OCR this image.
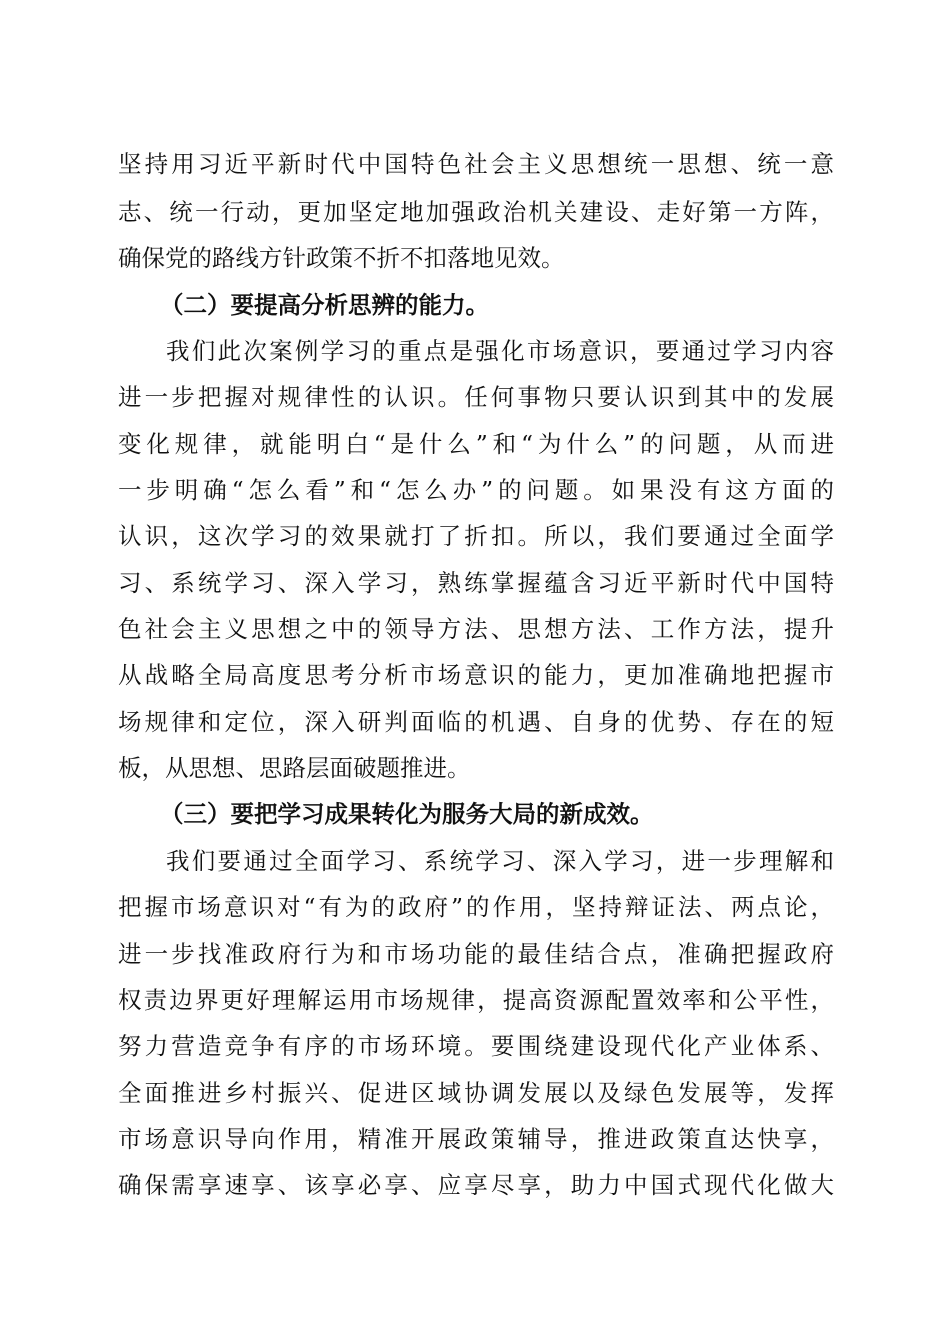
坚持用习近平新时代中国特色社会主义思想统一思想、统一意
志、统一行动，更加坚定地加强政治机关建设、走好第一方阵，
确保党的路线方针政策不折不扣落地见效。
（二）要提高分析思辨的能力。
我们此次案例学习的重点是强化市场意识，要通过学习内容
进一步把握对规律性的认识。任何事物只要认识到其中的发展
变化规律，就能明白“是什么”和“为什么”的问题，从而进
一步明确“怎么看”和“怎么办”的问题。如果没有这方面的
认识，这次学习的效果就打了折扣。所以，我们要通过全面学
习、系统学习、深入学习，熟练掌握蕴含习近平新时代中国特
色社会主义思想之中的领导方法、思想方法、工作方法，提升
从战略全局高度思考分析市场意识的能力，更加准确地把握市
场规律和定位，深入研判面临的机遇、自身的优势、存在的短
板，从思想、思路层面破题推进。
（三）要把学习成果转化为服务大局的新成效。
我们要通过全面学习、系统学习、深入学习，进一步理解和
把握市场意识对“有为的政府”的作用，坚持辩证法、两点论，
进一步找准政府行为和市场功能的最佳结合点，准确把握政府
权责边界更好理解运用市场规律，提高资源配置效率和公平性，
努力营造竞争有序的市场环境。要围绕建设现代化产业体系、
全面推进乡村振兴、促进区域协调发展以及绿色发展等，发挥
市场意识导向作用，精准开展政策辅导，推进政策直达快享，
确保需享速享、该享必享、应享尽享，助力中国式现代化做大
